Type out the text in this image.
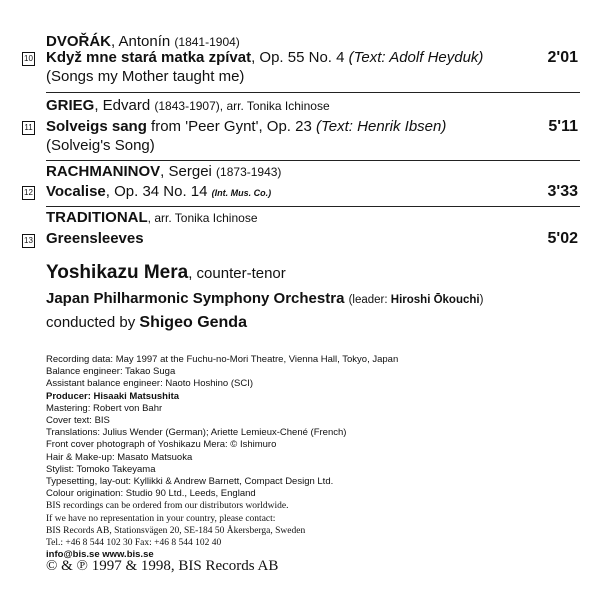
DVOŘÁK, Antonín (1841-1904)
10 Když mne stará matka zpívat, Op. 55 No. 4 (Text: Adolf Heyduk)	2'01
(Songs my Mother taught me)
GRIEG, Edvard (1843-1907), arr. Tonika Ichinose
11 Solveigs sang from 'Peer Gynt', Op. 23 (Text: Henrik Ibsen)	5'11
(Solveig's Song)
RACHMANINOV, Sergei (1873-1943)
12 Vocalise, Op. 34 No. 14 (Int. Mus. Co.)	3'33
TRADITIONAL, arr. Tonika Ichinose
13 Greensleeves	5'02
Yoshikazu Mera, counter-tenor
Japan Philharmonic Symphony Orchestra (leader: Hiroshi Ōkouchi)
conducted by Shigeo Genda
Recording data: May 1997 at the Fuchu-no-Mori Theatre, Vienna Hall, Tokyo, Japan
Balance engineer: Takao Suga
Assistant balance engineer: Naoto Hoshino (SCI)
Producer: Hisaaki Matsushita
Mastering: Robert von Bahr
Cover text: BIS
Translations: Julius Wender (German); Ariette Lemieux-Chené (French)
Front cover photograph of Yoshikazu Mera: © Ishimuro
Hair & Make-up: Masato Matsuoka
Stylist: Tomoko Takeyama
Typesetting, lay-out: Kyllikki & Andrew Barnett, Compact Design Ltd.
Colour origination: Studio 90 Ltd., Leeds, England
BIS recordings can be ordered from our distributors worldwide.
If we have no representation in your country, please contact:
BIS Records AB, Stationsvägen 20, SE-184 50 Åkersberga, Sweden
Tel.: +46 8 544 102 30 Fax: +46 8 544 102 40
info@bis.se www.bis.se
© & ℗ 1997 & 1998, BIS Records AB
